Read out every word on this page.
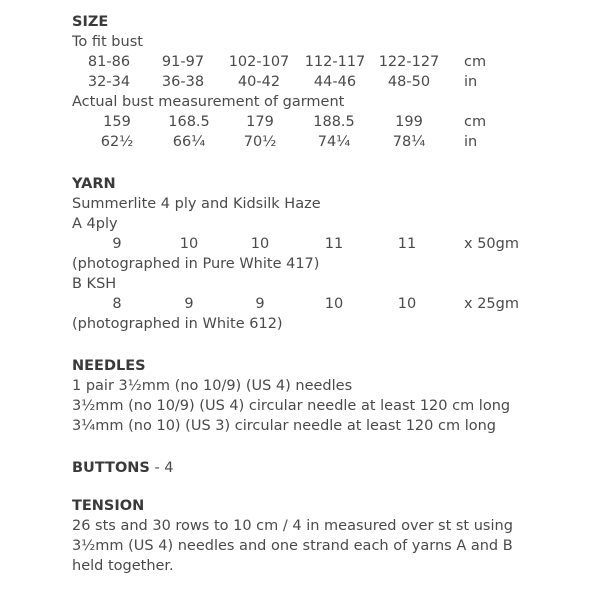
SIZE
To fit bust
81-86 91-97 102-107 112-117 122-127 cm
32-34 36-38 40-42 44-46 48-50 in
Actual bust measurement of garment
159	168.5	179	188.5	199	cm
62½	66¼	70½	74¼	78¼	in
YARN
Summerlite 4 ply and Kidsilk Haze
A 4ply
9	10	10	11	11	x 50gm
(photographed in Pure White 417)
B KSH
8	9	9	10	10	x 25gm
(photographed in White 612)
NEEDLES
1 pair 3½mm (no 10/9) (US 4) needles
3½mm (no 10/9) (US 4) circular needle at least 120 cm long
3¼mm (no 10) (US 3) circular needle at least 120 cm long
BUTTONS - 4
TENSION
26 sts and 30 rows to 10 cm / 4 in measured over st st using
3½mm (US 4) needles and one strand each of yarns A and B
held together.
